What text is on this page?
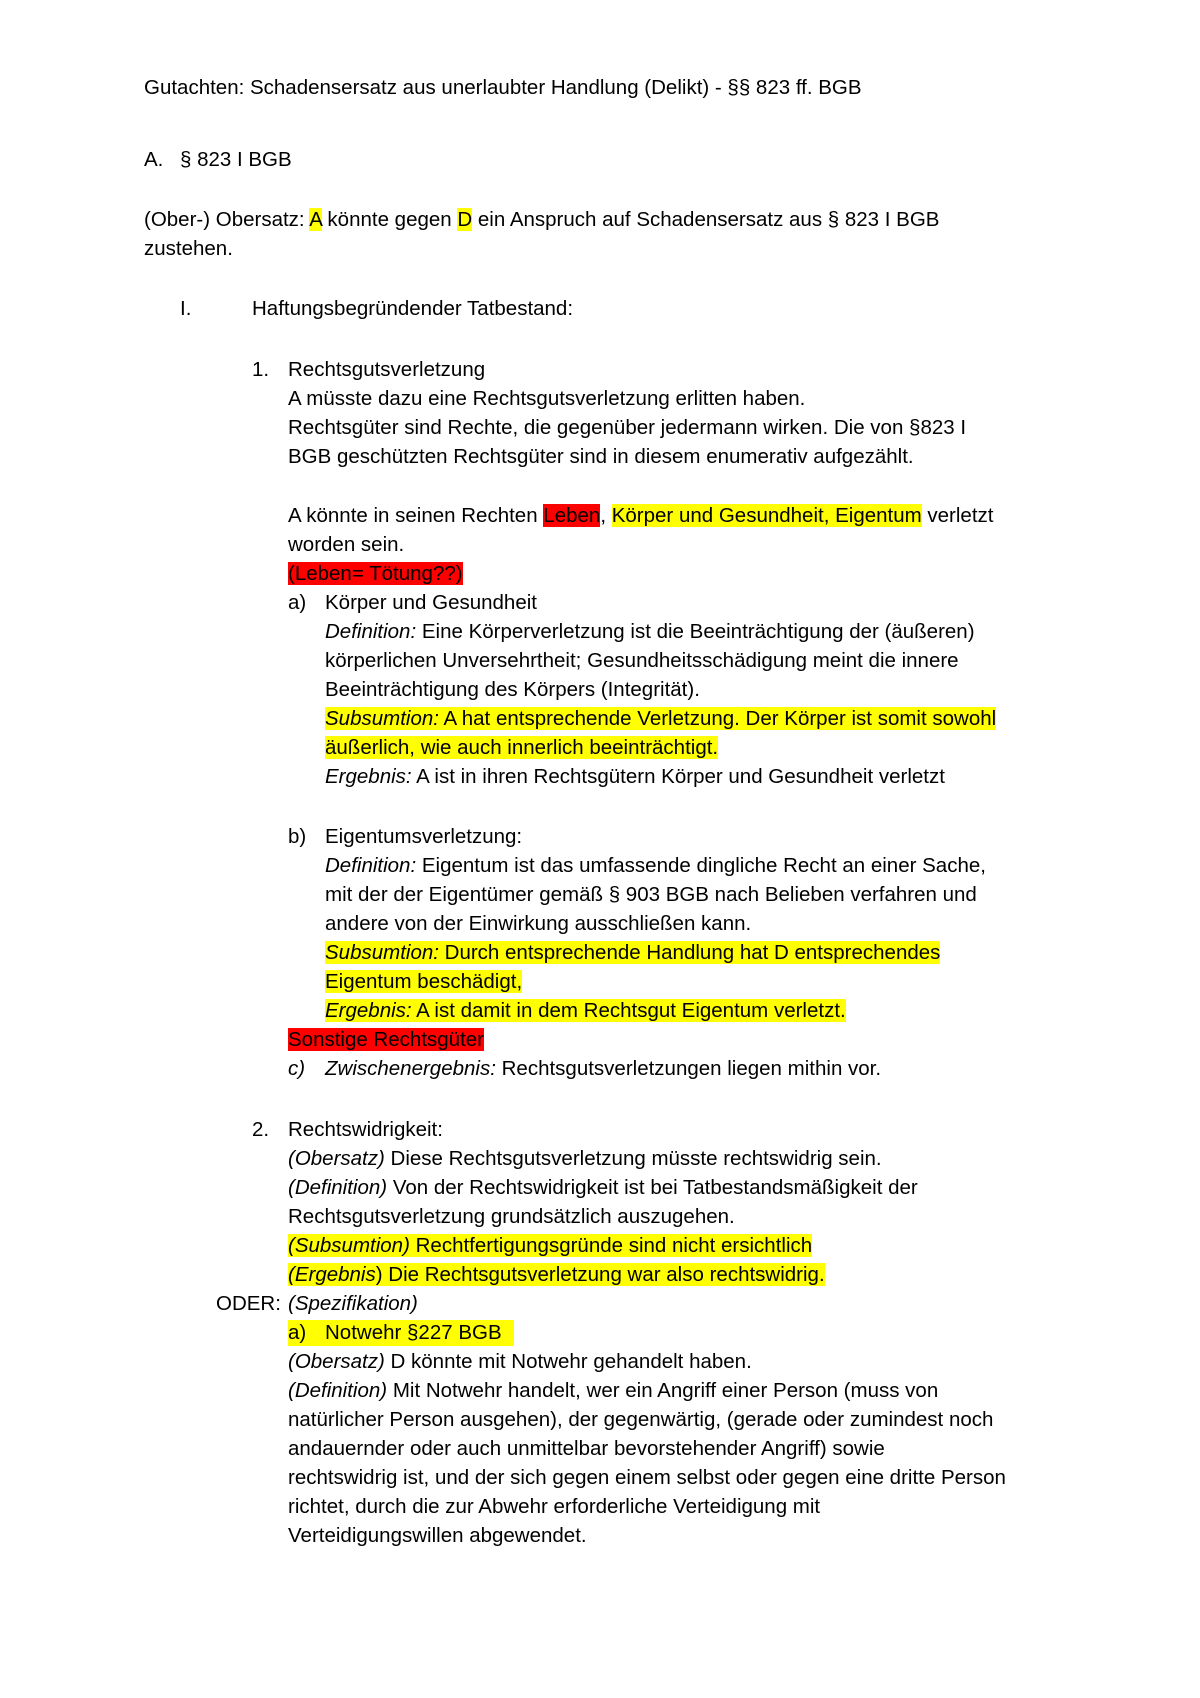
Gutachten: Schadensersatz aus unerlaubter Handlung (Delikt) - §§ 823 ff. BGB
A. § 823 I BGB
(Ober-) Obersatz: A könnte gegen D ein Anspruch auf Schadensersatz aus § 823 I BGB
zustehen.
I.	Haftungsbegründender Tatbestand:
1. Rechtsgutsverletzung
A müsste dazu eine Rechtsgutsverletzung erlitten haben.
Rechtsgüter sind Rechte, die gegenüber jedermann wirken. Die von §823 I
BGB geschützten Rechtsgüter sind in diesem enumerativ aufgezählt.
A könnte in seinen Rechten Leben, Körper und Gesundheit, Eigentum verletzt
worden sein.
(Leben= Tötung??)
a) Körper und Gesundheit
Definition: Eine Körperverletzung ist die Beeinträchtigung der (äußeren)
körperlichen Unversehrtheit; Gesundheitsschädigung meint die innere
Beeinträchtigung des Körpers (Integrität).
Subsumtion: A hat entsprechende Verletzung. Der Körper ist somit sowohl
äußerlich, wie auch innerlich beeinträchtigt.
Ergebnis: A ist in ihren Rechtsgütern Körper und Gesundheit verletzt
b) Eigentumsverletzung:
Definition: Eigentum ist das umfassende dingliche Recht an einer Sache,
mit der der Eigentümer gemäß § 903 BGB nach Belieben verfahren und
andere von der Einwirkung ausschließen kann.
Subsumtion: Durch entsprechende Handlung hat D entsprechendes
Eigentum beschädigt,
Ergebnis: A ist damit in dem Rechtsgut Eigentum verletzt.
Sonstige Rechtsgüter
c) Zwischenergebnis: Rechtsgutsverletzungen liegen mithin vor.
2. Rechtswidrigkeit:
(Obersatz) Diese Rechtsgutsverletzung müsste rechtswidrig sein.
(Definition) Von der Rechtswidrigkeit ist bei Tatbestandsmäßigkeit der
Rechtsgutsverletzung grundsätzlich auszugehen.
(Subsumtion) Rechtfertigungsgründe sind nicht ersichtlich
(Ergebnis) Die Rechtsgutsverletzung war also rechtswidrig.
ODER: (Spezifikation)
a) Notwehr §227 BGB
(Obersatz) D könnte mit Notwehr gehandelt haben.
(Definition) Mit Notwehr handelt, wer ein Angriff einer Person (muss von
natürlicher Person ausgehen), der gegenwärtig, (gerade oder zumindest noch
andauernder oder auch unmittelbar bevorstehender Angriff) sowie
rechtswidrig ist, und der sich gegen einem selbst oder gegen eine dritte Person
richtet, durch die zur Abwehr erforderliche Verteidigung mit
Verteidigungswillen abgewendet.
